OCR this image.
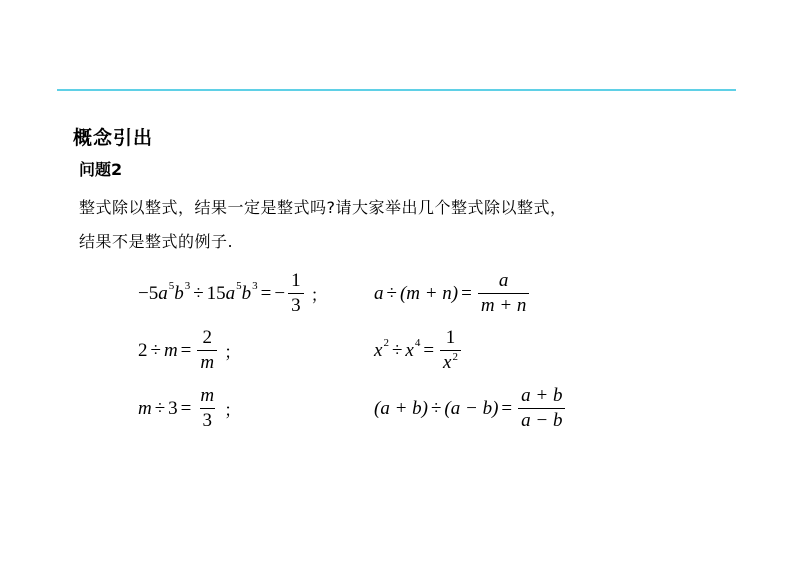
概念引出
问题2
整式除以整式，结果一定是整式吗?请大家举出几个整式除以整式，
结果不是整式的例子.
−5 a 5 b 3 ÷ 15 a 5 b 3 = − $\frac{1}{3}$ ；
$2 \div m = \frac{2}{m}$ ；
$m \div 3 = \frac{m}{3}$ ；
$a \div (m + n) = \frac{a}{m + n}$
x 2 ÷ x $4 = \frac{1}{x^2}$
$(a + b) \div (a - b) = \frac{a + b}{a - b}$
